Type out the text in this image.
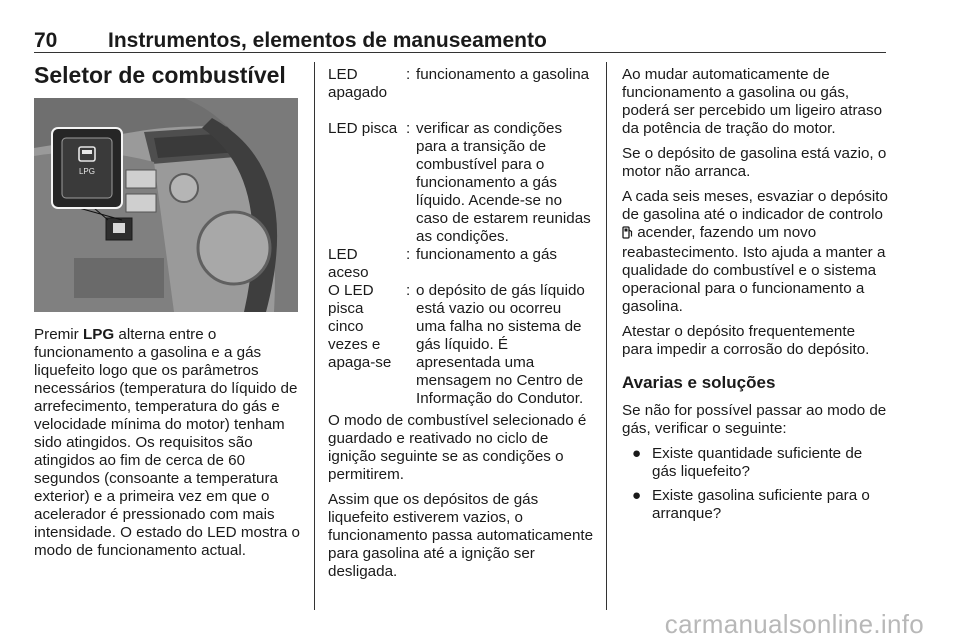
70 Instrumentos, elementos de manuseamento
Seletor de combustível
LPG

Premir LPG alterna entre o funcionamento a gasolina e a gás liquefeito logo que os parâmetros necessários (temperatura do líquido de arrefecimento, temperatura do gás e velocidade mínima do motor) tenham sido atingidos. Os requisitos são atingidos ao fim de cerca de 60 segundos (consoante a temperatura exterior) e a primeira vez em que o acelerador é pressionado com mais intensidade. O estado do LED mostra o modo de funcionamento actual.

LED apagado
: funcionamento a gasolina
LED pisca : verificar as condições para a transição de combustível para o funcionamento a gás líquido. Acende-se no caso de estarem reunidas as condições.
LED aceso
: funcionamento a gás
O LED pisca cinco vezes e apaga-se
: o depósito de gás líquido está vazio ou ocorreu uma falha no sistema de gás líquido. É apresentada uma mensagem no Centro de Informação do Condutor.

O modo de combustível selecionado é guardado e reativado no ciclo de ignição seguinte se as condições o permitirem.

Assim que os depósitos de gás liquefeito estiverem vazios, o funcionamento passa automaticamente para gasolina até a ignição ser desligada.

Ao mudar automaticamente de funcionamento a gasolina ou gás, poderá ser percebido um ligeiro atraso da potência de tração do motor.

Se o depósito de gasolina está vazio, o motor não arranca.

A cada seis meses, esvaziar o depósito de gasolina até o indicador de controlo  acender, fazendo um novo reabastecimento. Isto ajuda a manter a qualidade do combustível e o sistema operacional para o funcionamento a gasolina.

Atestar o depósito frequentemente para impedir a corrosão do depósito.

Avarias e soluções

Se não for possível passar ao modo de gás, verificar o seguinte:

● Existe quantidade suficiente de gás liquefeito?
● Existe gasolina suficiente para o arranque?
carmanualsonline.info
